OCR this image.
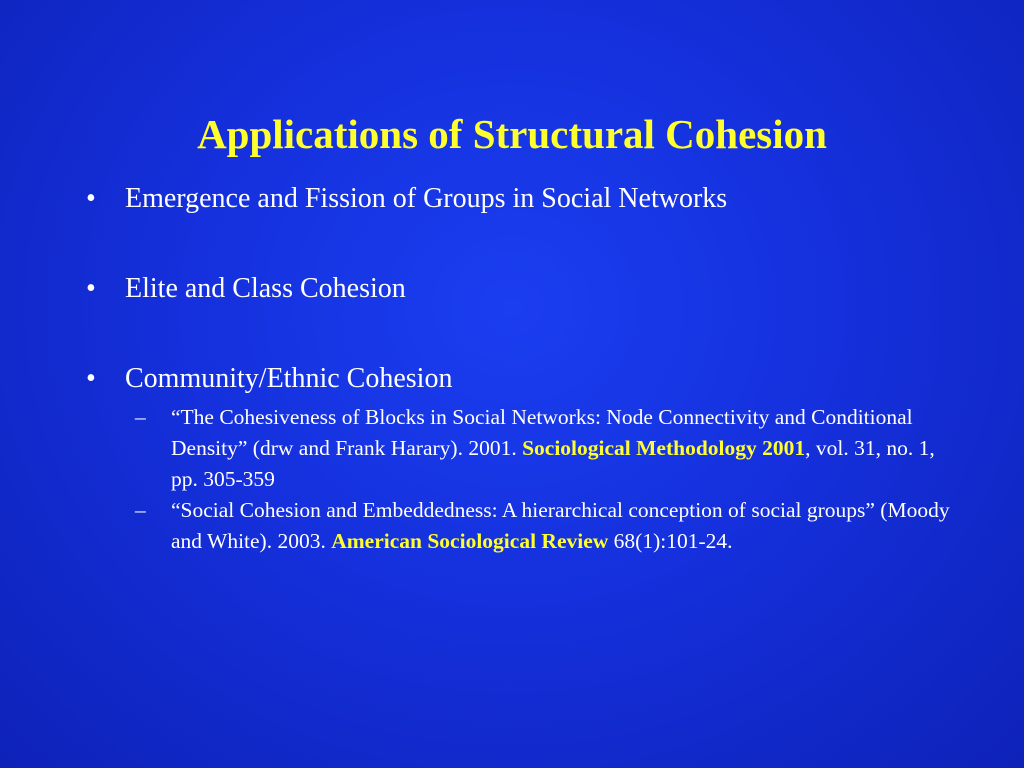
Applications of Structural Cohesion
• Emergence and Fission of Groups in Social Networks
• Elite and Class Cohesion
• Community/Ethnic Cohesion
– “The Cohesiveness of Blocks in Social Networks: Node Connectivity and Conditional Density” (drw and Frank Harary). 2001. Sociological Methodology 2001, vol. 31, no. 1, pp. 305-359
– “Social Cohesion and Embeddedness: A hierarchical conception of social groups” (Moody and White). 2003. American Sociological Review 68(1):101-24.
